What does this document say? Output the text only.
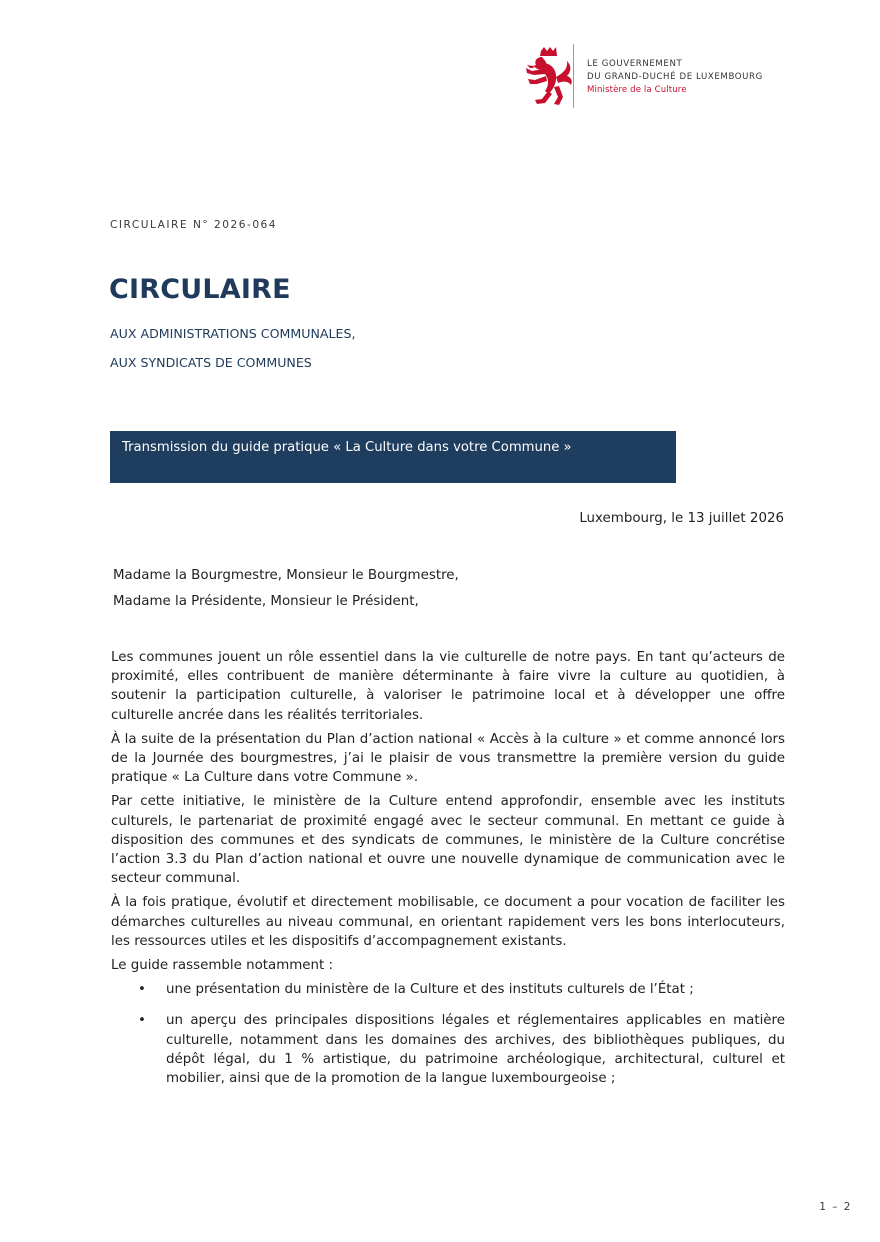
LE GOUVERNEMENT
DU GRAND-DUCHÉ DE LUXEMBOURG
Ministère de la Culture
CIRCULAIRE N° 2026-064
CIRCULAIRE
AUX ADMINISTRATIONS COMMUNALES,
AUX SYNDICATS DE COMMUNES
Transmission du guide pratique « La Culture dans votre Commune »
Luxembourg, le 13 juillet 2026
Madame la Bourgmestre, Monsieur le Bourgmestre,
Madame la Présidente, Monsieur le Président,

Les communes jouent un rôle essentiel dans la vie culturelle de notre pays. En tant qu’acteurs de proximité, elles contribuent de manière déterminante à faire vivre la culture au quotidien, à soutenir la participation culturelle, à valoriser le patrimoine local et à développer une offre culturelle ancrée dans les réalités territoriales.

À la suite de la présentation du Plan d’action national « Accès à la culture » et comme annoncé lors de la Journée des bourgmestres, j’ai le plaisir de vous transmettre la première version du guide pratique « La Culture dans votre Commune ».

Par cette initiative, le ministère de la Culture entend approfondir, ensemble avec les instituts culturels, le partenariat de proximité engagé avec le secteur communal. En mettant ce guide à disposition des communes et des syndicats de communes, le ministère de la Culture concrétise l’action 3.3 du Plan d’action national et ouvre une nouvelle dynamique de communication avec le secteur communal.

À la fois pratique, évolutif et directement mobilisable, ce document a pour vocation de faciliter les démarches culturelles au niveau communal, en orientant rapidement vers les bons interlocuteurs, les ressources utiles et les dispositifs d’accompagnement existants.

Le guide rassemble notamment :

• une présentation du ministère de la Culture et des instituts culturels de l’État ;
• un aperçu des principales dispositions légales et réglementaires applicables en matière culturelle, notamment dans les domaines des archives, des bibliothèques publiques, du dépôt légal, du 1 % artistique, du patrimoine archéologique, architectural, culturel et mobilier, ainsi que de la promotion de la langue luxembourgeoise ;
1 – 2
